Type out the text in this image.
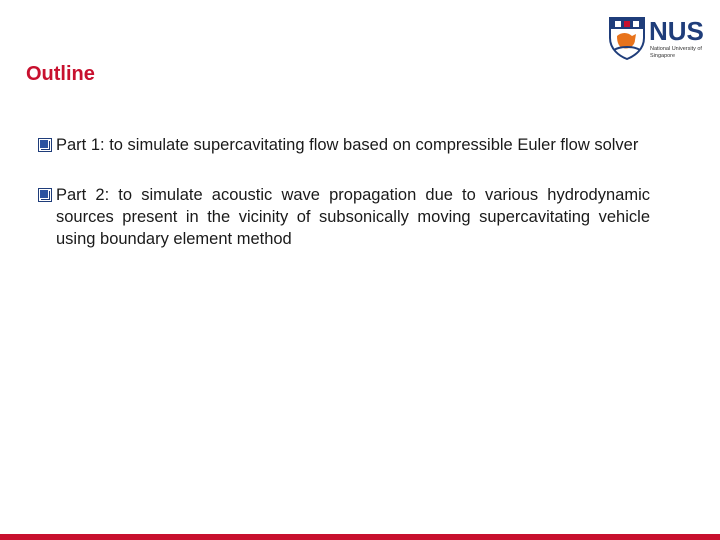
NUS
National University of Singapore
Outline
Part 1: to simulate supercavitating flow based on compressible Euler flow solver
Part 2: to simulate acoustic wave propagation due to various hydrodynamic sources present in the vicinity of subsonically moving supercavitating vehicle using boundary element method
